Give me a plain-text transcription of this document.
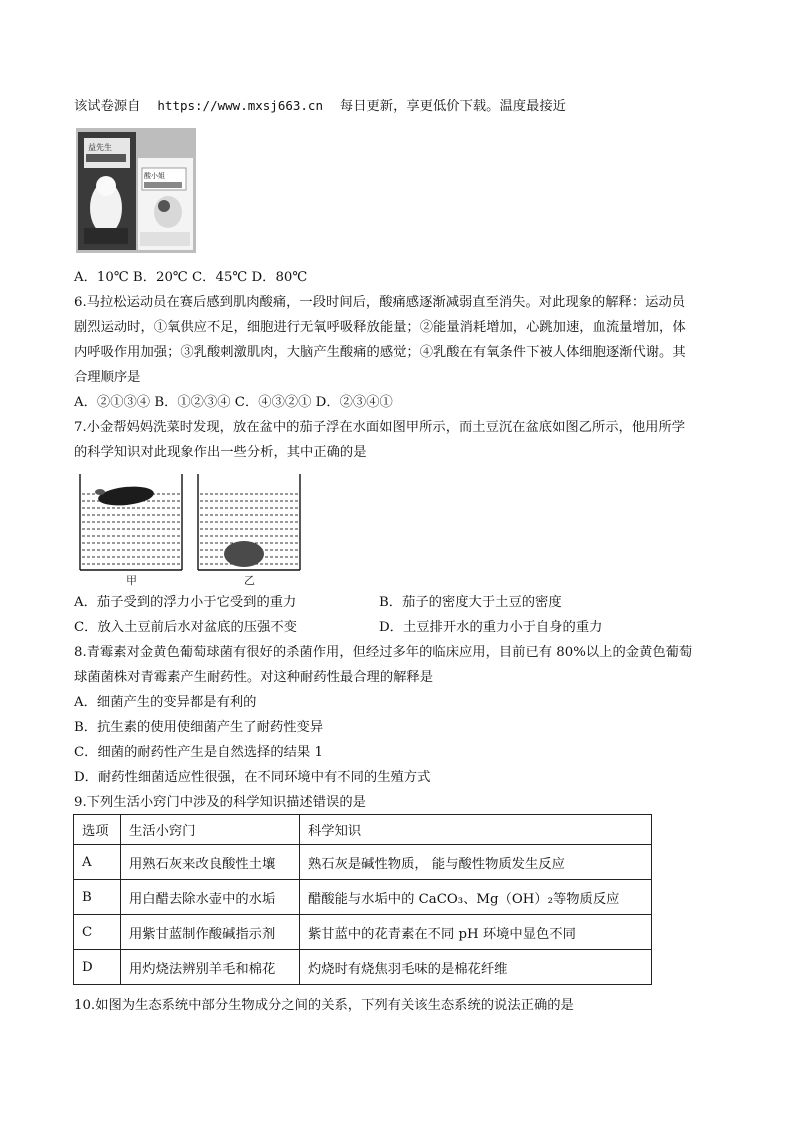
该试卷源自 https://www.mxsj663.cn 每日更新，享更低价下载。温度最接近
益先生
酸小姐
A．10℃ B．20℃ C．45℃ D．80℃
6.马拉松运动员在赛后感到肌肉酸痛，一段时间后，酸痛感逐渐减弱直至消失。对此现象的解释：运动员
剧烈运动时，①氧供应不足，细胞进行无氧呼吸释放能量；②能量消耗增加，心跳加速，血流量增加，体
内呼吸作用加强；③乳酸刺激肌肉，大脑产生酸痛的感觉；④乳酸在有氧条件下被人体细胞逐渐代谢。其
合理顺序是
A．②①③④ B．①②③④ C．④③②① D．②③④①
7.小金帮妈妈洗菜时发现，放在盆中的茄子浮在水面如图甲所示，而土豆沉在盆底如图乙所示，他用所学
的科学知识对此现象作出一些分析，其中正确的是
甲	乙
A．茄子受到的浮力小于它受到的重力	B．茄子的密度大于土豆的密度
C．放入土豆前后水对盆底的压强不变	D．土豆排开水的重力小于自身的重力
8.青霉素对金黄色葡萄球菌有很好的杀菌作用，但经过多年的临床应用，目前已有 80%以上的金黄色葡萄
球菌菌株对青霉素产生耐药性。对这种耐药性最合理的解释是
A．细菌产生的变异都是有利的
B．抗生素的使用使细菌产生了耐药性变异
C．细菌的耐药性产生是自然选择的结果 1
D．耐药性细菌适应性很强，在不同环境中有不同的生殖方式
9.下列生活小窍门中涉及的科学知识描述错误的是
选项	生活小窍门	科学知识
A	用熟石灰来改良酸性土壤	熟石灰是碱性物质， 能与酸性物质发生反应
B	用白醋去除水壶中的水垢	醋酸能与水垢中的 CaCO₃、Mg（OH）₂等物质反应
C	用紫甘蓝制作酸碱指示剂	紫甘蓝中的花青素在不同 pH 环境中显色不同
D	用灼烧法辨别羊毛和棉花	灼烧时有烧焦羽毛味的是棉花纤维
10.如图为生态系统中部分生物成分之间的关系，下列有关该生态系统的说法正确的是
